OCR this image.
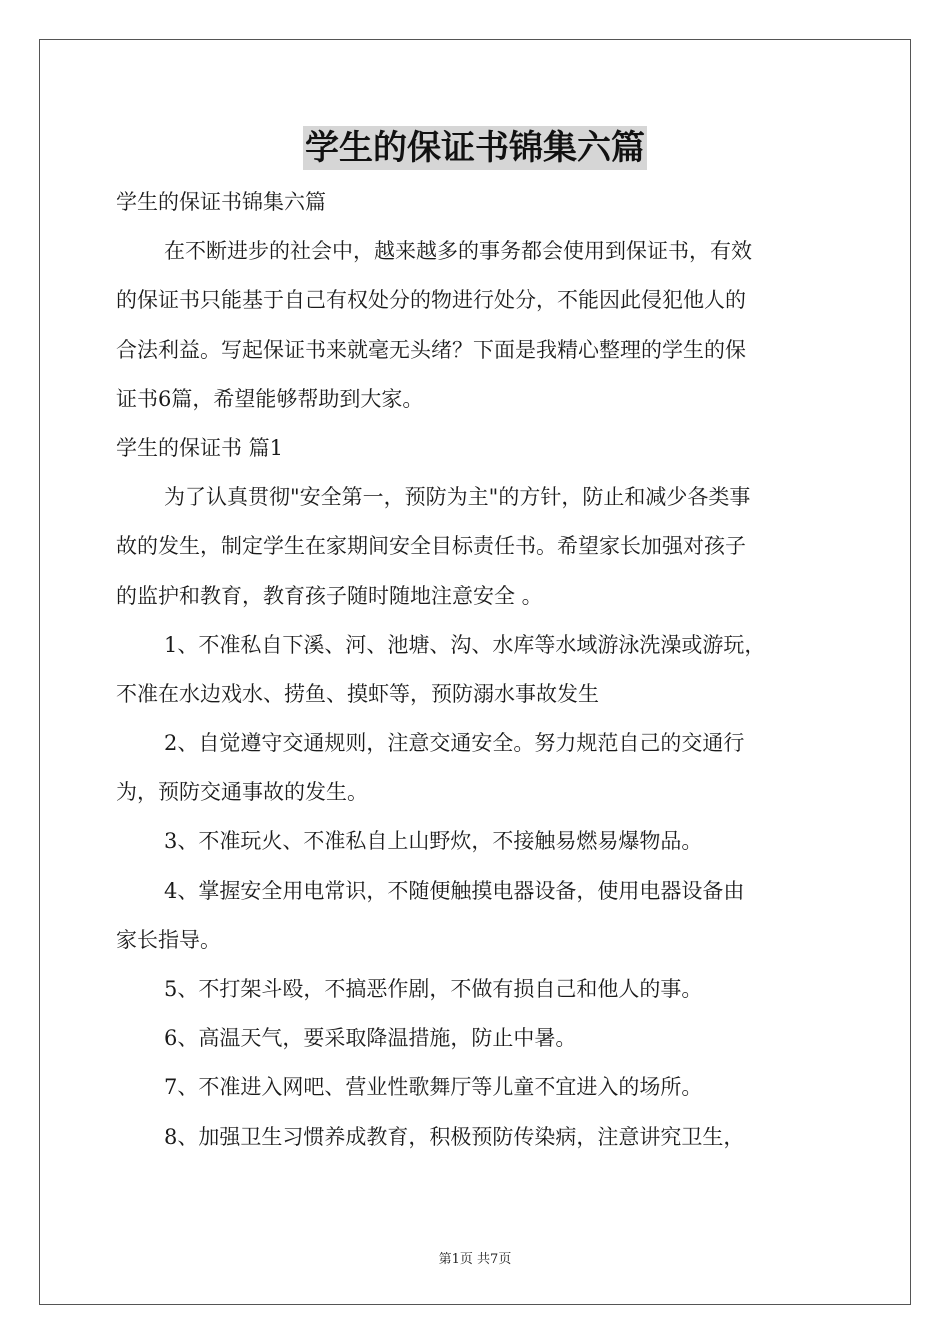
学生的保证书锦集六篇
学生的保证书锦集六篇
在不断进步的社会中，越来越多的事务都会使用到保证书，有效
的保证书只能基于自己有权处分的物进行处分，不能因此侵犯他人的
合法利益。写起保证书来就毫无头绪？下面是我精心整理的学生的保
证书6篇，希望能够帮助到大家。
学生的保证书 篇1
为了认真贯彻"安全第一，预防为主"的方针，防止和减少各类事
故的发生，制定学生在家期间安全目标责任书。希望家长加强对孩子
的监护和教育，教育孩子随时随地注意安全 。
1、不准私自下溪、河、池塘、沟、水库等水域游泳洗澡或游玩，
不准在水边戏水、捞鱼、摸虾等，预防溺水事故发生
2、自觉遵守交通规则，注意交通安全。努力规范自己的交通行
为，预防交通事故的发生。
3、不准玩火、不准私自上山野炊，不接触易燃易爆物品。
4、掌握安全用电常识，不随便触摸电器设备，使用电器设备由
家长指导。
5、不打架斗殴，不搞恶作剧，不做有损自己和他人的事。
6、高温天气，要采取降温措施，防止中暑。
7、不准进入网吧、营业性歌舞厅等儿童不宜进入的场所。
8、加强卫生习惯养成教育，积极预防传染病，注意讲究卫生，
第1页 共7页
